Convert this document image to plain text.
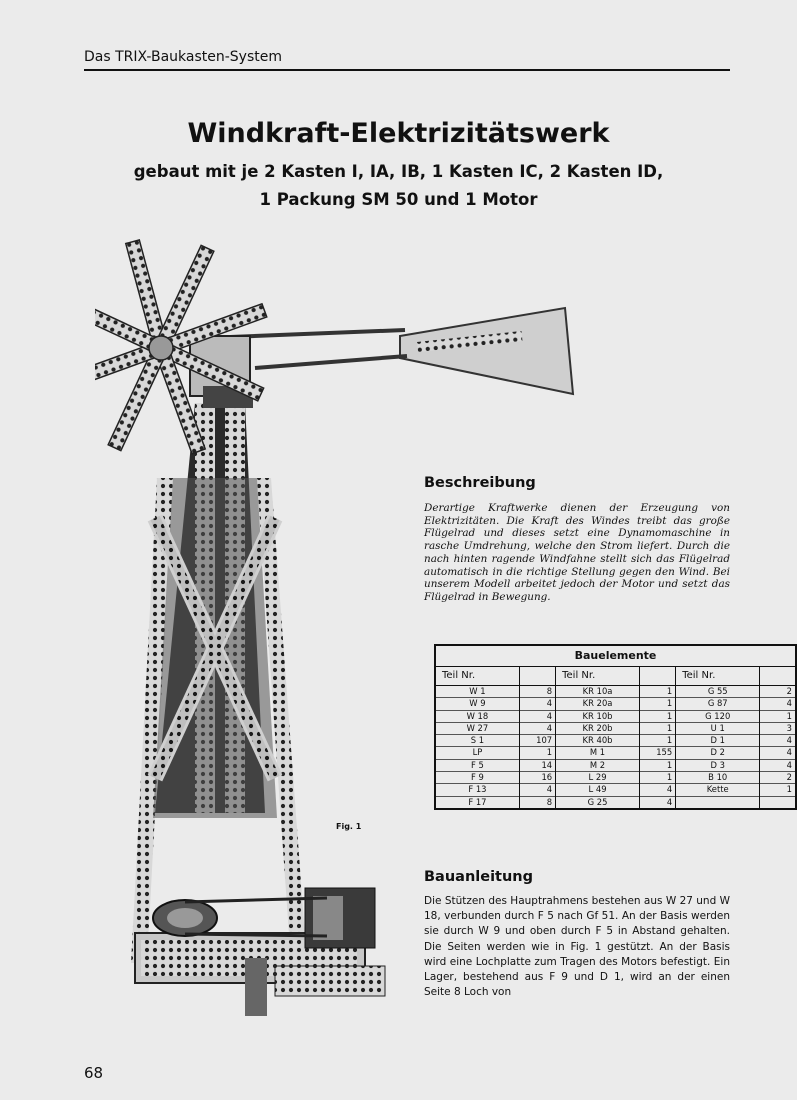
Das TRIX-Baukasten-System
Windkraft-Elektrizitätswerk
gebaut mit je 2 Kasten I, IA, IB, 1 Kasten IC, 2 Kasten ID,
1 Packung SM 50 und 1 Motor
Fig. 1
Beschreibung
Derartige Kraftwerke dienen der Erzeugung von Elektrizitäten. Die Kraft des Windes treibt das große Flügelrad und dieses setzt eine Dynamomaschine in rasche Umdrehung, welche den Strom liefert. Durch die nach hinten ragende Windfahne stellt sich das Flügelrad automatisch in die richtige Stellung gegen den Wind. Bei unserem Modell arbeitet jedoch der Motor und setzt das Flügelrad in Bewegung.
Bauelemente					
Teil Nr.		Teil Nr.		Teil Nr.	
W 1	8	KR 10a	1	G 55	2
W 9	4	KR 20a	1	G 87	4
W 18	4	KR 10b	1	G 120	1
W 27	4	KR 20b	1	U 1	3
S 1	107	KR 40b	1	D 1	4
LP	1	M 1	155	D 2	4
F 5	14	M 2	1	D 3	4
F 9	16	L 29	1	B 10	2
F 13	4	L 49	4	Kette	1
F 17	8	G 25	4		
Bauanleitung
Die Stützen des Hauptrahmens bestehen aus W 27 und W 18, verbunden durch F 5 nach Gf 51. An der Basis werden sie durch W 9 und oben durch F 5 in Abstand gehalten. Die Seiten werden wie in Fig. 1 gestützt. An der Basis wird eine Lochplatte zum Tragen des Motors befestigt. Ein Lager, bestehend aus F 9 und D 1, wird an der einen Seite 8 Loch von
68
